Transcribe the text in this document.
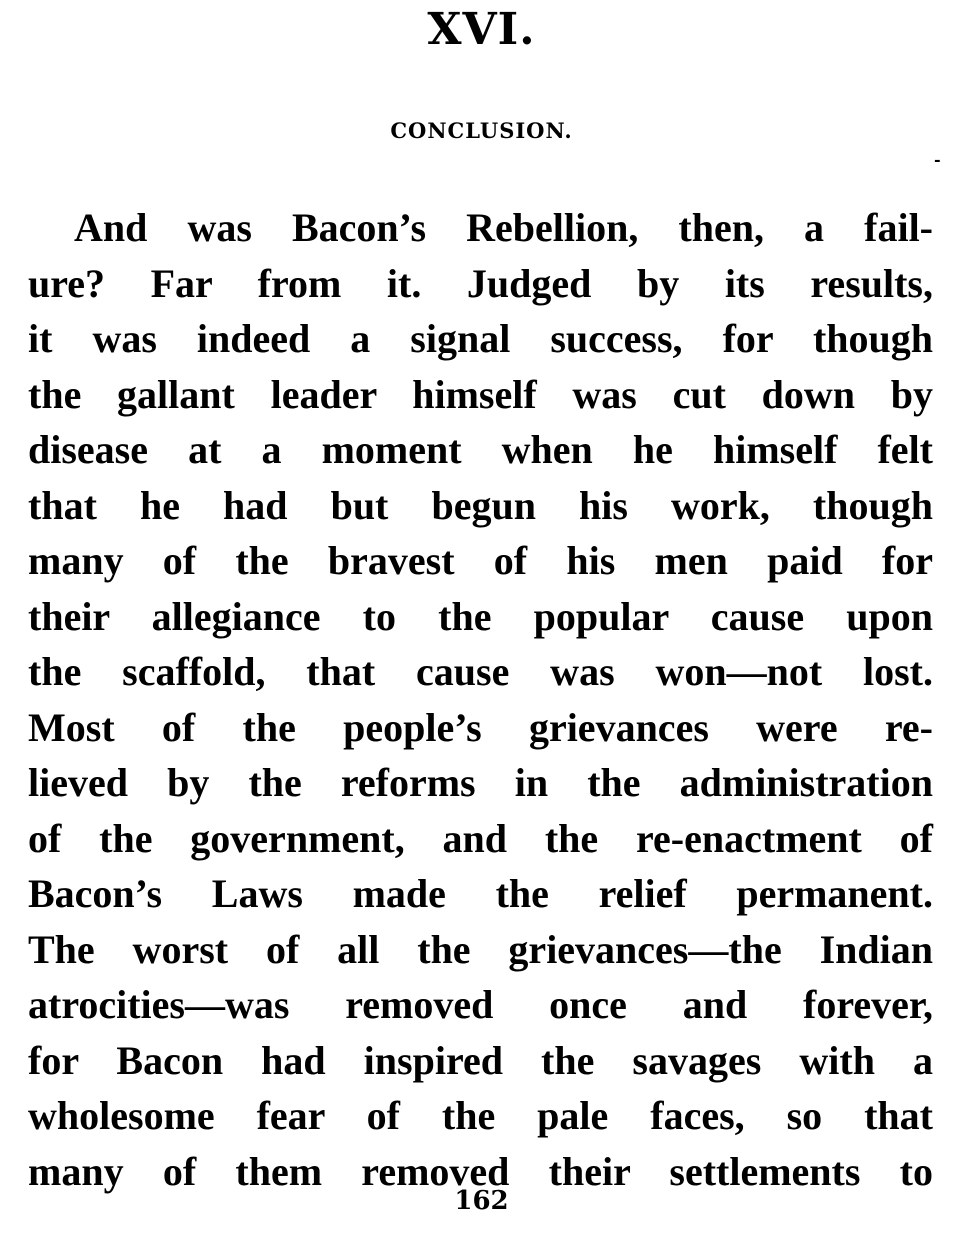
XVI.
CONCLUSION.
-

And was Bacon’s Rebellion, then, a fail-
ure? Far from it. Judged by its results,
it was indeed a signal success, for though
the gallant leader himself was cut down by
disease at a moment when he himself felt
that he had but begun his work, though
many of the bravest of his men paid for
their allegiance to the popular cause upon
the scaffold, that cause was won—not lost.
Most of the people’s grievances were re-
lieved by the reforms in the administration
of the government, and the re-enactment of
Bacon’s Laws made the relief permanent.
The worst of all the grievances—the Indian
atrocities—was removed once and forever,
for Bacon had inspired the savages with a
wholesome fear of the pale faces, so that
many of them removed their settlements to

162
